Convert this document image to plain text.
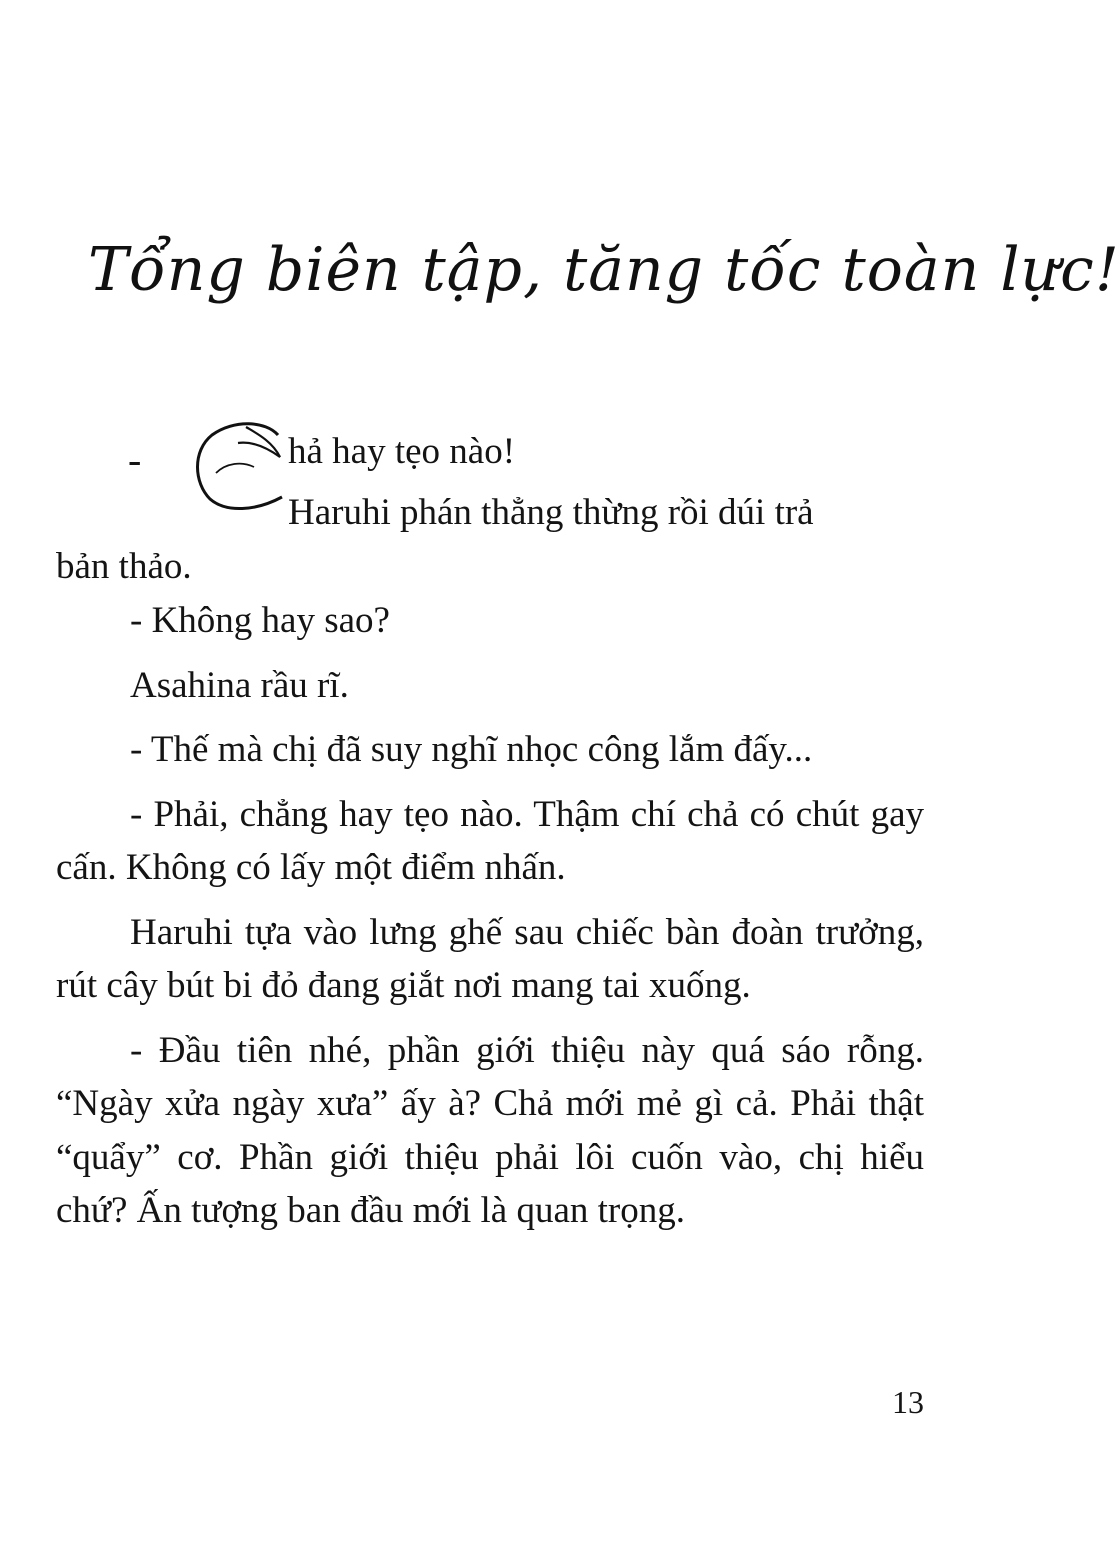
Tổng biên tập, tăng tốc toàn lực!
-	hả hay tẹo nào!
Haruhi phán thẳng thừng rồi dúi trả
bản thảo.

- Không hay sao?

Asahina rầu rĩ.

- Thế mà chị đã suy nghĩ nhọc công lắm đấy...

- Phải, chẳng hay tẹo nào. Thậm chí chả có chút gay cấn. Không có lấy một điểm nhấn.

Haruhi tựa vào lưng ghế sau chiếc bàn đoàn trưởng, rút cây bút bi đỏ đang giắt nơi mang tai xuống.

- Đầu tiên nhé, phần giới thiệu này quá sáo rỗng. “Ngày xửa ngày xưa” ấy à? Chả mới mẻ gì cả. Phải thật “quẩy” cơ. Phần giới thiệu phải lôi cuốn vào, chị hiểu chứ? Ấn tượng ban đầu mới là quan trọng.

13
